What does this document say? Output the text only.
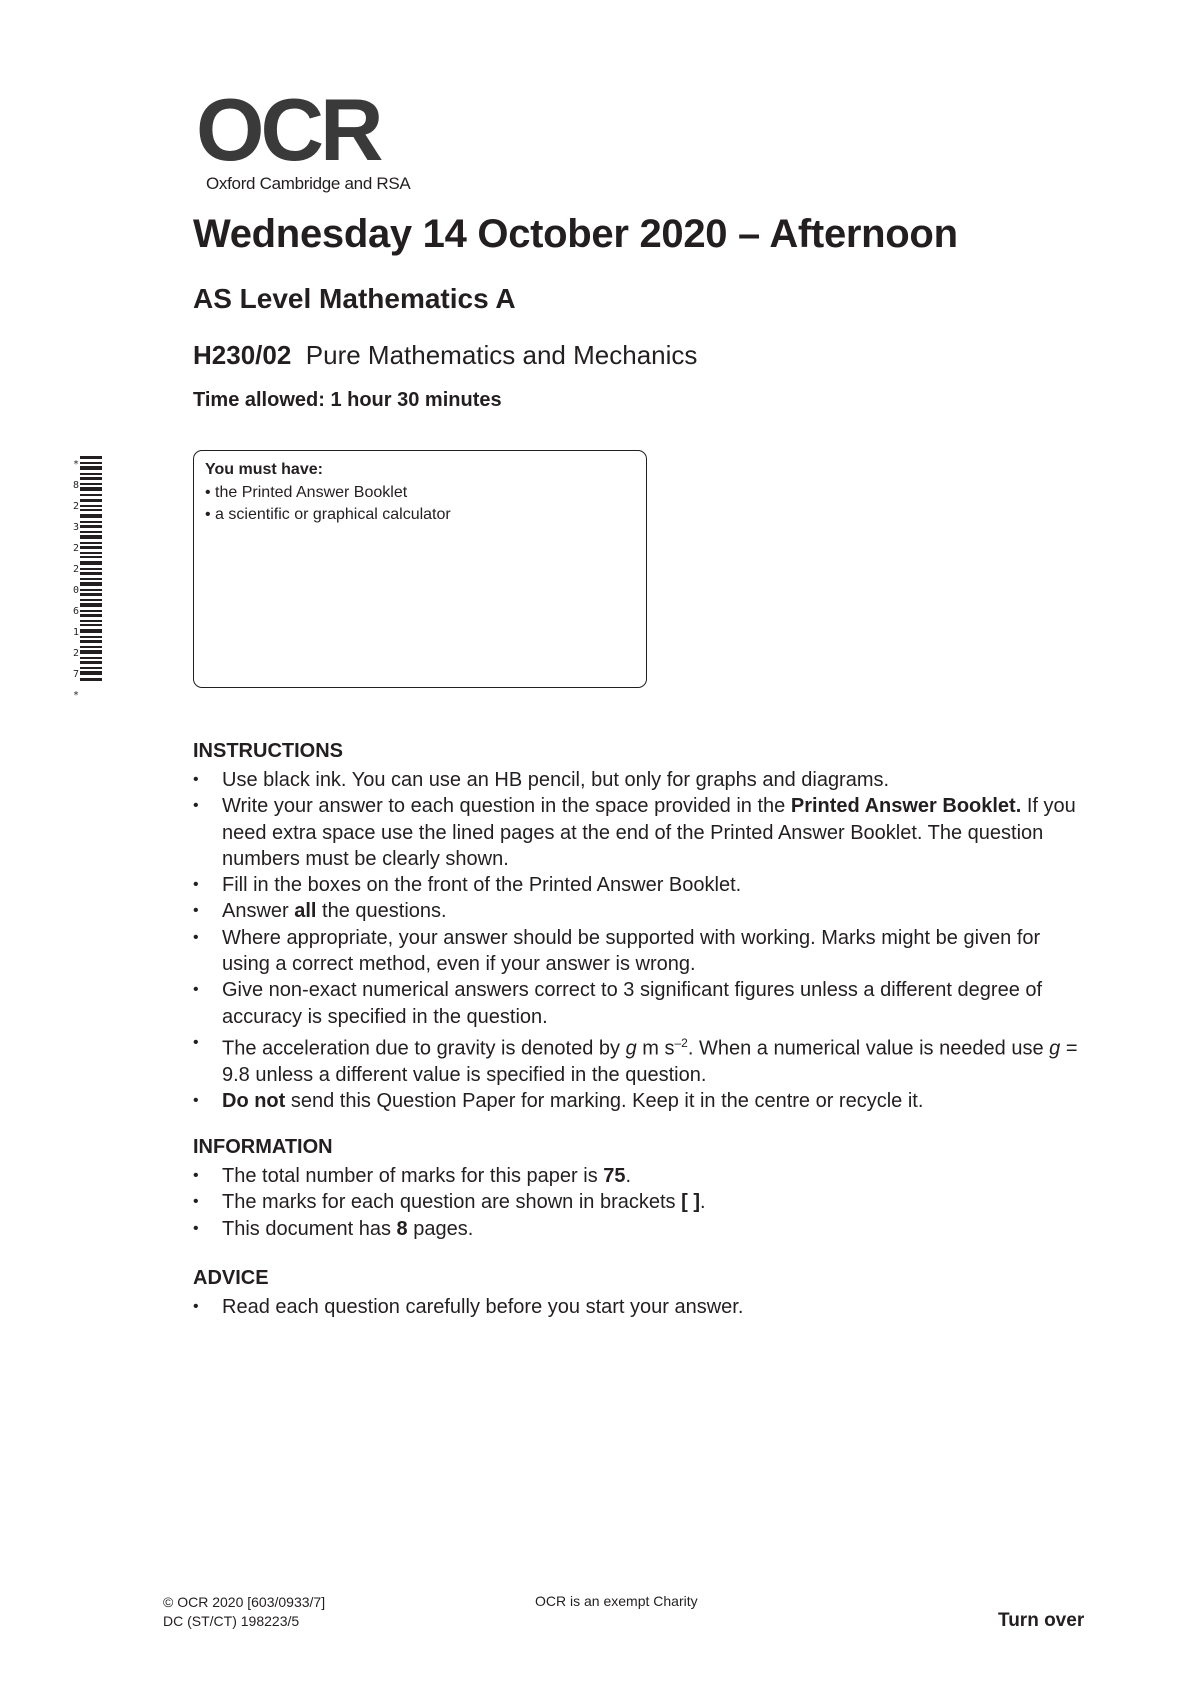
OCR
Oxford Cambridge and RSA
Wednesday 14 October 2020 – Afternoon
AS Level Mathematics A
H230/02 Pure Mathematics and Mechanics
Time allowed: 1 hour 30 minutes
*
8
2
3
2
2
0
6
1
2
7
*
You must have:
• the Printed Answer Booklet
• a scientific or graphical calculator
INSTRUCTIONS
• Use black ink. You can use an HB pencil, but only for graphs and diagrams.
• Write your answer to each question in the space provided in the Printed Answer Booklet. If you need extra space use the lined pages at the end of the Printed Answer Booklet. The question numbers must be clearly shown.
• Fill in the boxes on the front of the Printed Answer Booklet.
• Answer all the questions.
• Where appropriate, your answer should be supported with working. Marks might be given for using a correct method, even if your answer is wrong.
• Give non-exact numerical answers correct to 3 significant figures unless a different degree of accuracy is specified in the question.
• The acceleration due to gravity is denoted by g m $s^{-2}$. When a numerical value is needed use g = 9.8 unless a different value is specified in the question.
• Do not send this Question Paper for marking. Keep it in the centre or recycle it.
INFORMATION
• The total number of marks for this paper is 75.
• The marks for each question are shown in brackets [ ].
• This document has 8 pages.
ADVICE
• Read each question carefully before you start your answer.
© OCR 2020 [603/0933/7]
DC (ST/CT) 198223/5
OCR is an exempt Charity
Turn over
